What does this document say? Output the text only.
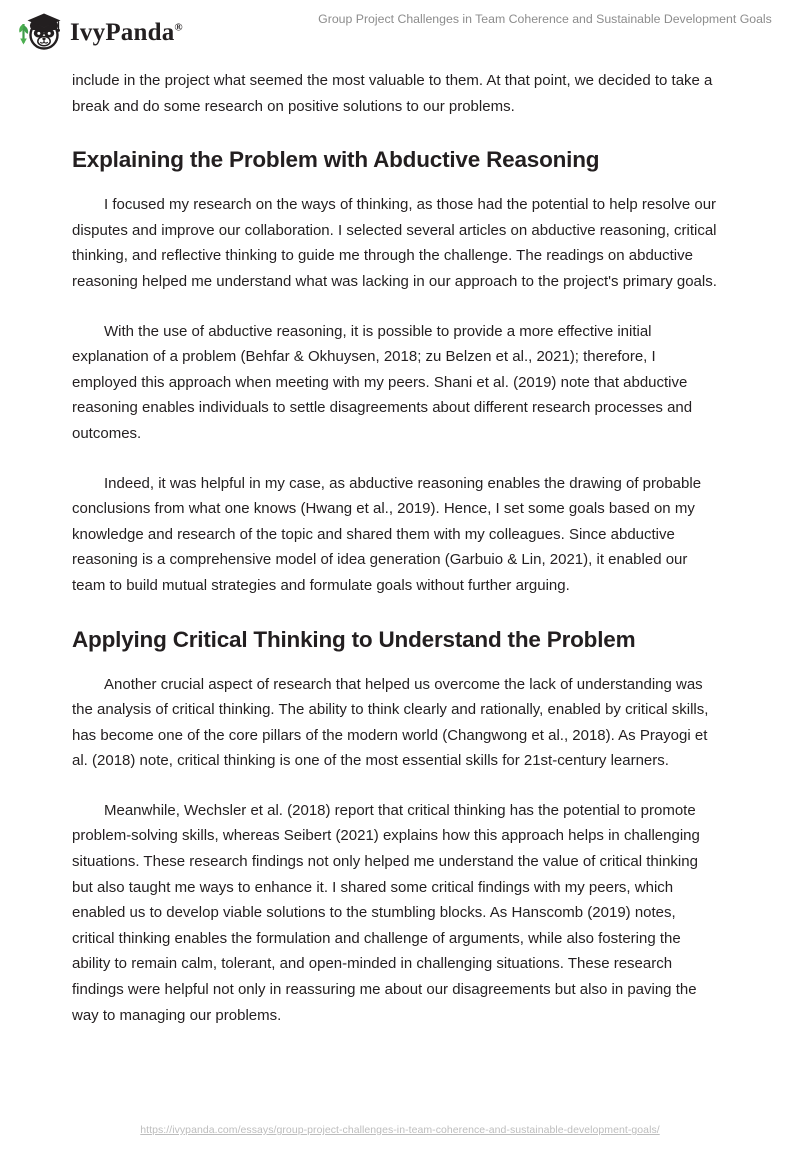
IvyPanda®
Group Project Challenges in Team Coherence and Sustainable Development Goals

include in the project what seemed the most valuable to them. At that point, we decided to take a break and do some research on positive solutions to our problems.

Explaining the Problem with Abductive Reasoning

I focused my research on the ways of thinking, as those had the potential to help resolve our disputes and improve our collaboration. I selected several articles on abductive reasoning, critical thinking, and reflective thinking to guide me through the challenge. The readings on abductive reasoning helped me understand what was lacking in our approach to the project's primary goals.

With the use of abductive reasoning, it is possible to provide a more effective initial explanation of a problem (Behfar & Okhuysen, 2018; zu Belzen et al., 2021); therefore, I employed this approach when meeting with my peers. Shani et al. (2019) note that abductive reasoning enables individuals to settle disagreements about different research processes and outcomes.

Indeed, it was helpful in my case, as abductive reasoning enables the drawing of probable conclusions from what one knows (Hwang et al., 2019). Hence, I set some goals based on my knowledge and research of the topic and shared them with my colleagues. Since abductive reasoning is a comprehensive model of idea generation (Garbuio & Lin, 2021), it enabled our team to build mutual strategies and formulate goals without further arguing.

Applying Critical Thinking to Understand the Problem

Another crucial aspect of research that helped us overcome the lack of understanding was the analysis of critical thinking. The ability to think clearly and rationally, enabled by critical skills, has become one of the core pillars of the modern world (Changwong et al., 2018). As Prayogi et al. (2018) note, critical thinking is one of the most essential skills for 21st-century learners.

Meanwhile, Wechsler et al. (2018) report that critical thinking has the potential to promote problem-solving skills, whereas Seibert (2021) explains how this approach helps in challenging situations. These research findings not only helped me understand the value of critical thinking but also taught me ways to enhance it. I shared some critical findings with my peers, which enabled us to develop viable solutions to the stumbling blocks. As Hanscomb (2019) notes, critical thinking enables the formulation and challenge of arguments, while also fostering the ability to remain calm, tolerant, and open-minded in challenging situations. These research findings were helpful not only in reassuring me about our disagreements but also in paving the way to managing our problems.

https://ivypanda.com/essays/group-project-challenges-in-team-coherence-and-sustainable-development-goals/
